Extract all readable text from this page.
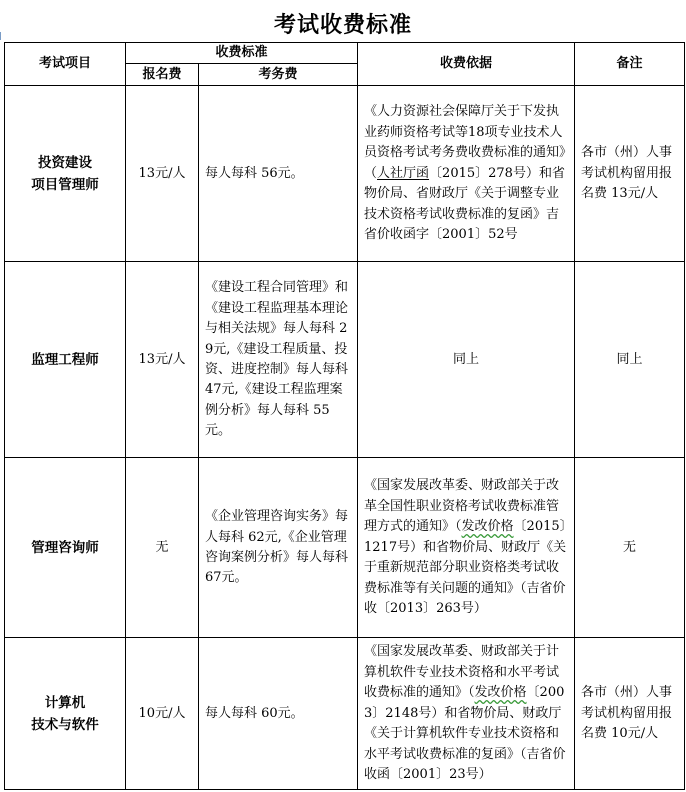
考试收费标准
考试项目	收费标准		收费依据	备注
	报名费	考务费		

投资建设
项目管理师	13元/人	每人每科 56元。	《人力资源社会保障厅关于下发执业药师资格考试等18项专业技术人员资格考试考务费收费标准的通知》（人社厅函〔2015〕278号）和省物价局、省财政厅《关于调整专业技术资格考试收费标准的复函》吉省价收函字〔2001〕52号	各市（州）人事考试机构留用报名费 13元/人

监理工程师	13元/人	《建设工程合同管理》和《建设工程监理基本理论与相关法规》每人每科 29元,《建设工程质量、投资、进度控制》每人每科 47元,《建设工程监理案例分析》每人每科 55元。	同上	同上

管理咨询师	无	《企业管理咨询实务》每人每科 62元,《企业管理咨询案例分析》每人每科 67元。	《国家发展改革委、财政部关于改革全国性职业资格考试收费标准管理方式的通知》（发改价格〔2015〕1217号）和省物价局、财政厅《关于重新规范部分职业资格类考试收费标准等有关问题的通知》（吉省价收〔2013〕263号）	无

计算机
技术与软件	10元/人	每人每科 60元。	《国家发展改革委、财政部关于计算机软件专业技术资格和水平考试收费标准的通知》（发改价格〔2003〕2148号）和省物价局、财政厅《关于计算机软件专业技术资格和水平考试收费标准的复函》（吉省价收函〔2001〕23号）	各市（州）人事考试机构留用报名费 10元/人
